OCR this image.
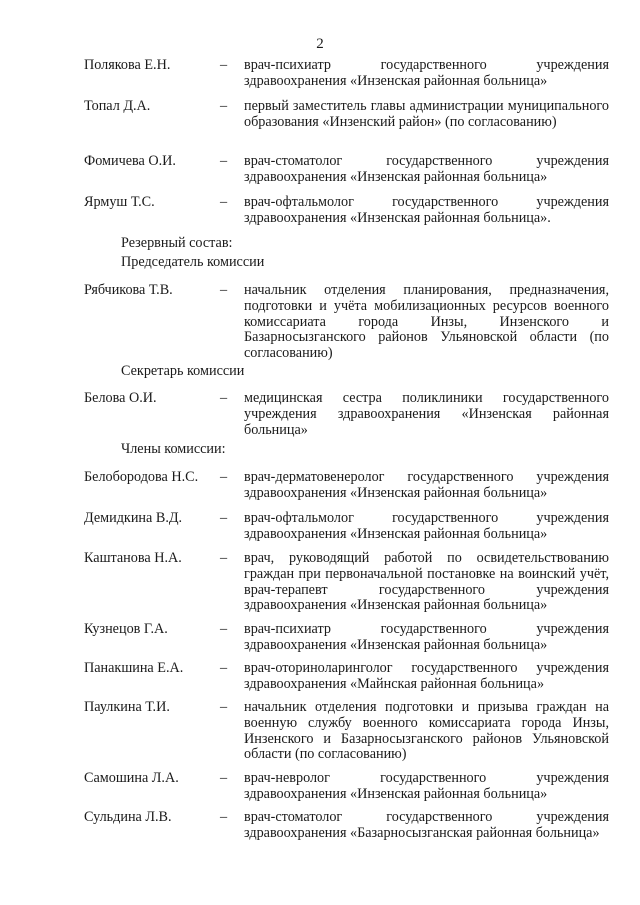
2
Полякова Е.Н.	– врач-психиатр государственного учреждения здравоохранения «Инзенская районная больница»
Топал Д.А.	– первый заместитель главы администрации муниципального образования «Инзенский район» (по согласованию)
Фомичева О.И.	– врач-стоматолог государственного учреждения здравоохранения «Инзенская районная больница»
Ярмуш Т.С.	– врач-офтальмолог государственного учреждения здравоохранения «Инзенская районная больница».
Резервный состав:
Председатель комиссии
Рябчикова Т.В.	– начальник отделения планирования, предназначения, подготовки и учёта мобилизационных ресурсов военного комиссариата города Инзы, Инзенского и Базарносызганского районов Ульяновской области (по согласованию)
Секретарь комиссии
Белова О.И.	– медицинская сестра поликлиники государственного учреждения здравоохранения «Инзенская районная больница»
Члены комиссии:
Белобородова Н.С. – врач-дерматовенеролог государственного учреждения здравоохранения «Инзенская районная больница»
Демидкина В.Д.	– врач-офтальмолог государственного учреждения здравоохранения «Инзенская районная больница»
Каштанова Н.А.	– врач, руководящий работой по освидетельствованию граждан при первоначальной постановке на воинский учёт, врач-терапевт государственного учреждения здравоохранения «Инзенская районная больница»
Кузнецов Г.А.	– врач-психиатр государственного учреждения здравоохранения «Инзенская районная больница»
Панакшина Е.А.	– врач-оториноларинголог государственного учреждения здравоохранения «Майнская районная больница»
Паулкина Т.И.	– начальник отделения подготовки и призыва граждан на военную службу военного комиссариата города Инзы, Инзенского и Базарносызганского районов Ульяновской области (по согласованию)
Самошина Л.А.	– врач-невролог государственного учреждения здравоохранения «Инзенская районная больница»
Сульдина Л.В.	– врач-стоматолог государственного учреждения здравоохранения «Базарносызганская районная больница»
